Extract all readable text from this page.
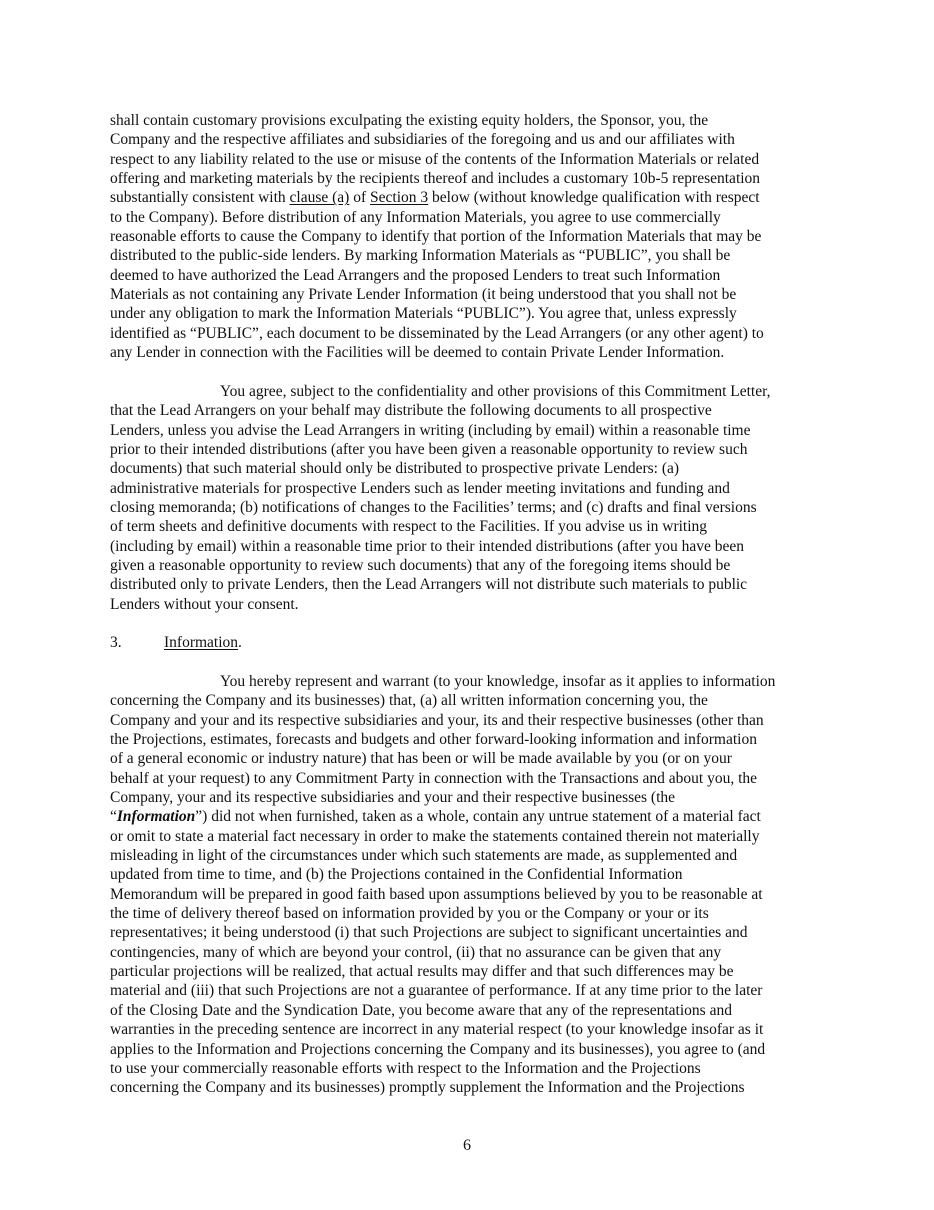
shall contain customary provisions exculpating the existing equity holders, the Sponsor, you, the
Company and the respective affiliates and subsidiaries of the foregoing and us and our affiliates with
respect to any liability related to the use or misuse of the contents of the Information Materials or related
offering and marketing materials by the recipients thereof and includes a customary 10b-5 representation
substantially consistent with clause (a) of Section 3 below (without knowledge qualification with respect
to the Company). Before distribution of any Information Materials, you agree to use commercially
reasonable efforts to cause the Company to identify that portion of the Information Materials that may be
distributed to the public-side lenders. By marking Information Materials as “PUBLIC”, you shall be
deemed to have authorized the Lead Arrangers and the proposed Lenders to treat such Information
Materials as not containing any Private Lender Information (it being understood that you shall not be
under any obligation to mark the Information Materials “PUBLIC”). You agree that, unless expressly
identified as “PUBLIC”, each document to be disseminated by the Lead Arrangers (or any other agent) to
any Lender in connection with the Facilities will be deemed to contain Private Lender Information.
You agree, subject to the confidentiality and other provisions of this Commitment Letter,
that the Lead Arrangers on your behalf may distribute the following documents to all prospective
Lenders, unless you advise the Lead Arrangers in writing (including by email) within a reasonable time
prior to their intended distributions (after you have been given a reasonable opportunity to review such
documents) that such material should only be distributed to prospective private Lenders: (a)
administrative materials for prospective Lenders such as lender meeting invitations and funding and
closing memoranda; (b) notifications of changes to the Facilities’ terms; and (c) drafts and final versions
of term sheets and definitive documents with respect to the Facilities. If you advise us in writing
(including by email) within a reasonable time prior to their intended distributions (after you have been
given a reasonable opportunity to review such documents) that any of the foregoing items should be
distributed only to private Lenders, then the Lead Arrangers will not distribute such materials to public
Lenders without your consent.
3.	Information.
You hereby represent and warrant (to your knowledge, insofar as it applies to information
concerning the Company and its businesses) that, (a) all written information concerning you, the
Company and your and its respective subsidiaries and your, its and their respective businesses (other than
the Projections, estimates, forecasts and budgets and other forward-looking information and information
of a general economic or industry nature) that has been or will be made available by you (or on your
behalf at your request) to any Commitment Party in connection with the Transactions and about you, the
Company, your and its respective subsidiaries and your and their respective businesses (the
“Information”) did not when furnished, taken as a whole, contain any untrue statement of a material fact
or omit to state a material fact necessary in order to make the statements contained therein not materially
misleading in light of the circumstances under which such statements are made, as supplemented and
updated from time to time, and (b) the Projections contained in the Confidential Information
Memorandum will be prepared in good faith based upon assumptions believed by you to be reasonable at
the time of delivery thereof based on information provided by you or the Company or your or its
representatives; it being understood (i) that such Projections are subject to significant uncertainties and
contingencies, many of which are beyond your control, (ii) that no assurance can be given that any
particular projections will be realized, that actual results may differ and that such differences may be
material and (iii) that such Projections are not a guarantee of performance. If at any time prior to the later
of the Closing Date and the Syndication Date, you become aware that any of the representations and
warranties in the preceding sentence are incorrect in any material respect (to your knowledge insofar as it
applies to the Information and Projections concerning the Company and its businesses), you agree to (and
to use your commercially reasonable efforts with respect to the Information and the Projections
concerning the Company and its businesses) promptly supplement the Information and the Projections
6
